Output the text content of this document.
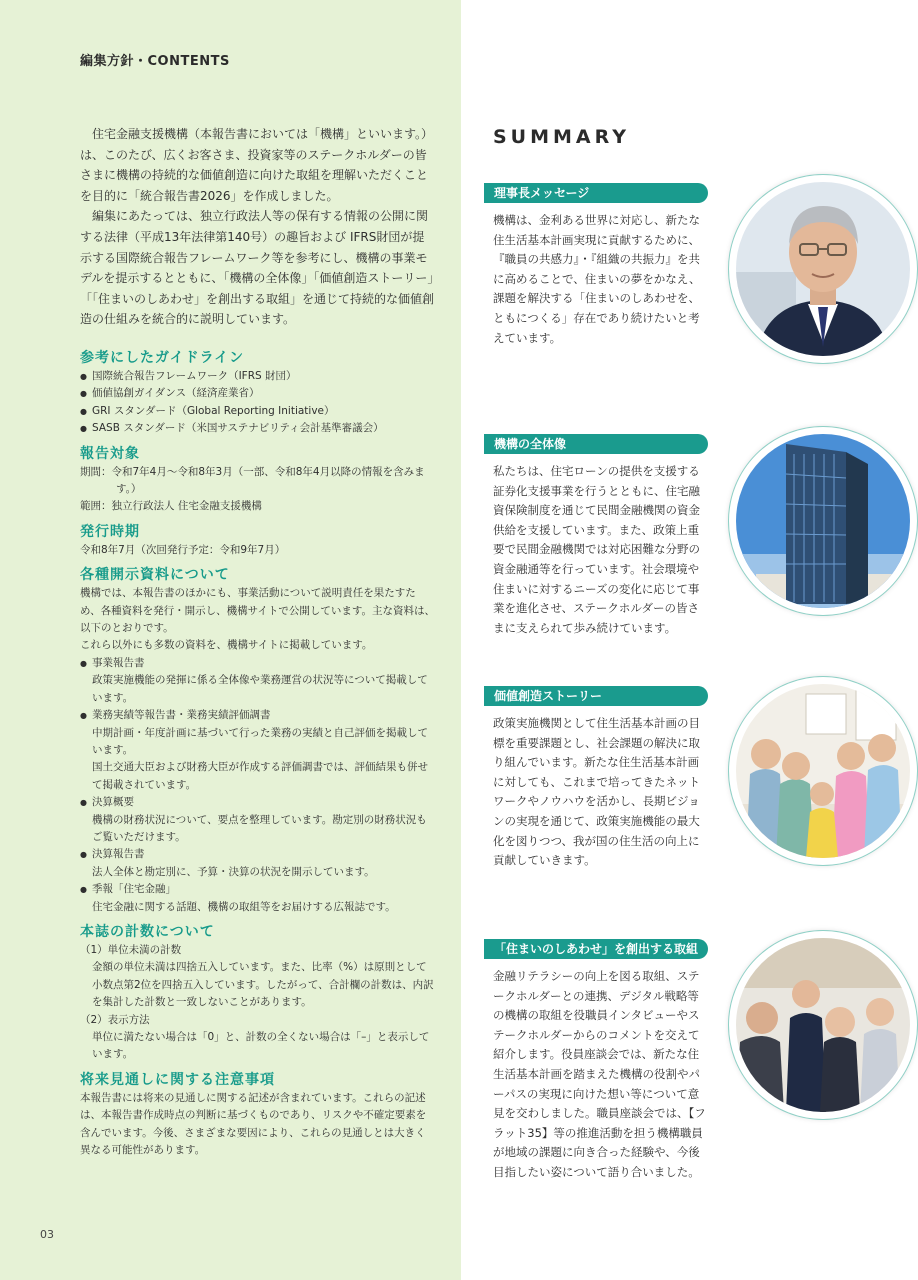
編集方針・CONTENTS

住宅金融支援機構（本報告書においては「機構」といいます。）は、このたび、広くお客さま、投資家等のステークホルダーの皆さまに機構の持続的な価値創造に向けた取組を理解いただくことを目的に「統合報告書2026」を作成しました。

編集にあたっては、独立行政法人等の保有する情報の公開に関する法律（平成13年法律第140号）の趣旨および IFRS財団が提示する国際統合報告フレームワーク等を参考にし、機構の事業モデルを提示するとともに、「機構の全体像」「価値創造ストーリー」「「住まいのしあわせ」を創出する取組」を通じて持続的な価値創造の仕組みを統合的に説明しています。

参考にしたガイドライン

● 国際統合報告フレームワーク（IFRS 財団）

● 価値協創ガイダンス（経済産業省）

● GRI スタンダード（Global Reporting Initiative）

● SASB スタンダード（米国サステナビリティ会計基準審議会）

報告対象

期間：令和7年4月～令和8年3月（一部、令和8年4月以降の情報を含みます。）

範囲：独立行政法人 住宅金融支援機構

発行時期

令和8年7月（次回発行予定：令和9年7月）

各種開示資料について

機構では、本報告書のほかにも、事業活動について説明責任を果たすため、各種資料を発行・開示し、機構サイトで公開しています。主な資料は、以下のとおりです。

これら以外にも多数の資料を、機構サイトに掲載しています。

● 事業報告書

政策実施機能の発揮に係る全体像や業務運営の状況等について掲載しています。

● 業務実績等報告書・業務実績評価調書

中期計画・年度計画に基づいて行った業務の実績と自己評価を掲載しています。

国土交通大臣および財務大臣が作成する評価調書では、評価結果も併せて掲載されています。

● 決算概要

機構の財務状況について、要点を整理しています。勘定別の財務状況もご覧いただけます。

● 決算報告書

法人全体と勘定別に、予算・決算の状況を開示しています。

● 季報「住宅金融」

住宅金融に関する話題、機構の取組等をお届けする広報誌です。

本誌の計数について

（1）単位未満の計数

金額の単位未満は四捨五入しています。また、比率（%）は原則として小数点第2位を四捨五入しています。したがって、合計欄の計数は、内訳を集計した計数と一致しないことがあります。

（2）表示方法

単位に満たない場合は「0」と、計数の全くない場合は「–」と表示しています。

将来見通しに関する注意事項

本報告書には将来の見通しに関する記述が含まれています。これらの記述は、本報告書作成時点の判断に基づくものであり、リスクや不確定要素を含んでいます。今後、さまざまな要因により、これらの見通しとは大きく異なる可能性があります。

03
SUMMARY
理事長メッセージ
機構は、金利ある世界に対応し、新たな住生活基本計画実現に貢献するために、『職員の共感力』・『組織の共振力』を共に高めることで、住まいの夢をかなえ、課題を解決する「住まいのしあわせを、ともにつくる」存在であり続けたいと考えています。
機構の全体像
私たちは、住宅ローンの提供を支援する証券化支援事業を行うとともに、住宅融資保険制度を通じて民間金融機関の資金供給を支援しています。また、政策上重要で民間金融機関では対応困難な分野の資金融通等を行っています。社会環境や住まいに対するニーズの変化に応じて事業を進化させ、ステークホルダーの皆さまに支えられて歩み続けています。
価値創造ストーリー
政策実施機関として住生活基本計画の目標を重要課題とし、社会課題の解決に取り組んでいます。新たな住生活基本計画に対しても、これまで培ってきたネットワークやノウハウを活かし、長期ビジョンの実現を通じて、政策実施機能の最大化を図りつつ、我が国の住生活の向上に貢献していきます。
「住まいのしあわせ」を創出する取組
金融リテラシーの向上を図る取組、ステークホルダーとの連携、デジタル戦略等の機構の取組を役職員インタビューやステークホルダーからのコメントを交えて紹介します。役員座談会では、新たな住生活基本計画を踏まえた機構の役割やパーパスの実現に向けた想い等について意見を交わしました。職員座談会では、【フラット35】等の推進活動を担う機構職員が地域の課題に向き合った経験や、今後目指したい姿について語り合いました。
